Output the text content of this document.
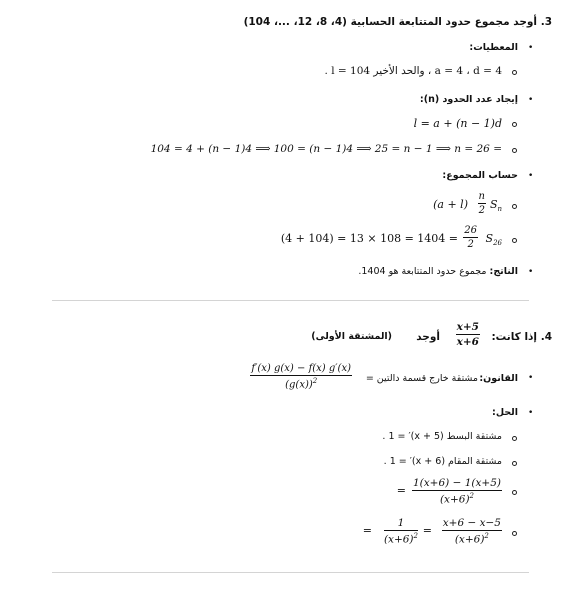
3. أوجد مجموع حدود المتتابعة الحسابية (4، 8، 12، ...، 104)
•
المعطيات:
a = 4 ، d = 4 ، والحد الأخير l = 104 .
•
إيجاد عدد الحدود (n):
l = a + (n − 1)d
104 = 4 + (n − 1)4 ⟹ 100 = (n − 1)4 ⟹ 25 = n − 1 ⟹ n = 26 =
•
حساب المجموع:
$(a + l) \frac{n}{2} S_n$
$(4 + 104) = 13 \times 108 = 1404 = \frac{26}{2} S_{26}$
•
الناتج: مجموع حدود المتتابعة هو 1404.
4. إذا كانت:
$\frac{x+5}{x+6}$
أوجد
(المشتقة الأولى)
•
القانون:
مشتقة خارج قسمة دالتين =
$\frac{f'(x) g(x) - f(x) g'(x)}{(g(x))^2}$
•
الحل:
مشتقة البسط (x + 5)′ = 1 .
مشتقة المقام (x + 6)′ = 1 .
$\frac{1(x+6) - 1(x+5)}{(x+6)^2}$
=
$\frac{x+6 - x-5}{(x+6)^2}$
=
$\frac{1}{(x+6)^2}$
=
